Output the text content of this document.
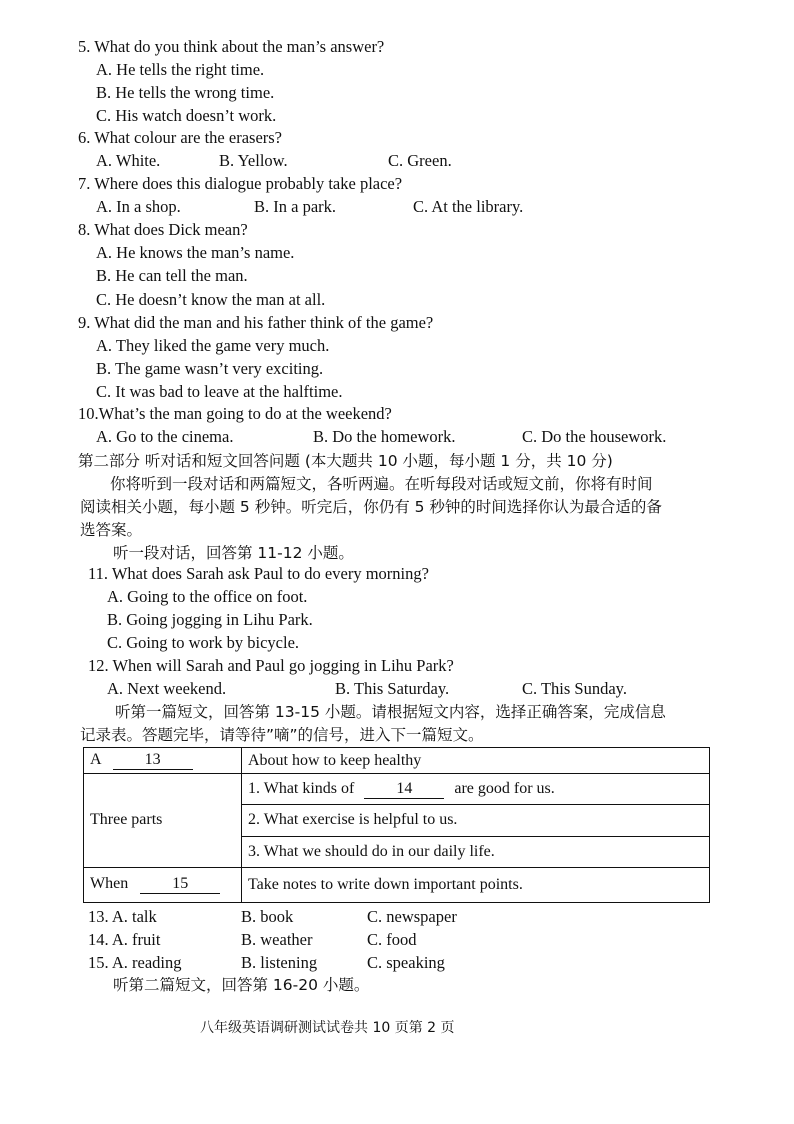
5. What do you think about the man’s answer?
A. He tells the right time.
B. He tells the wrong time.
C. His watch doesn’t work.
6. What colour are the erasers?
A. White.	B. Yellow.	C. Green.
7. Where does this dialogue probably take place?
A. In a shop.	B. In a park.	C. At the library.
8. What does Dick mean?
A. He knows the man’s name.
B. He can tell the man.
C. He doesn’t know the man at all.
9. What did the man and his father think of the game?
A. They liked the game very much.
B. The game wasn’t very exciting.
C. It was bad to leave at the halftime.
10.What’s the man going to do at the weekend?
A. Go to the cinema.	B. Do the homework.	C. Do the housework.
第二部分 听对话和短文回答问题 (本大题共 10 小题，每小题 1 分，共 10 分)
你将听到一段对话和两篇短文，各听两遍。在听每段对话或短文前，你将有时间
阅读相关小题，每小题 5 秒钟。听完后，你仍有 5 秒钟的时间选择你认为最合适的备
选答案。
听一段对话，回答第 11-12 小题。
11. What does Sarah ask Paul to do every morning?
A. Going to the office on foot.
B. Going jogging in Lihu Park.
C. Going to work by bicycle.
12. When will Sarah and Paul go jogging in Lihu Park?
A. Next weekend.	B. This Saturday.	C. This Sunday.
听第一篇短文，回答第 13-15 小题。请根据短文内容，选择正确答案，完成信息
记录表。答题完毕，请等待”嘀”的信号，进入下一篇短文。
A 13	About how to keep healthy
Three parts	1. What kinds of 14 are good for us.
	2. What exercise is helpful to us.
	3. What we should do in our daily life.
When 15	Take notes to write down important points.
13. A. talk	B. book	C. newspaper
14. A. fruit	B. weather	C. food
15. A. reading	B. listening	C. speaking
听第二篇短文，回答第 16-20 小题。
八年级英语调研测试试卷共 10 页第 2 页
